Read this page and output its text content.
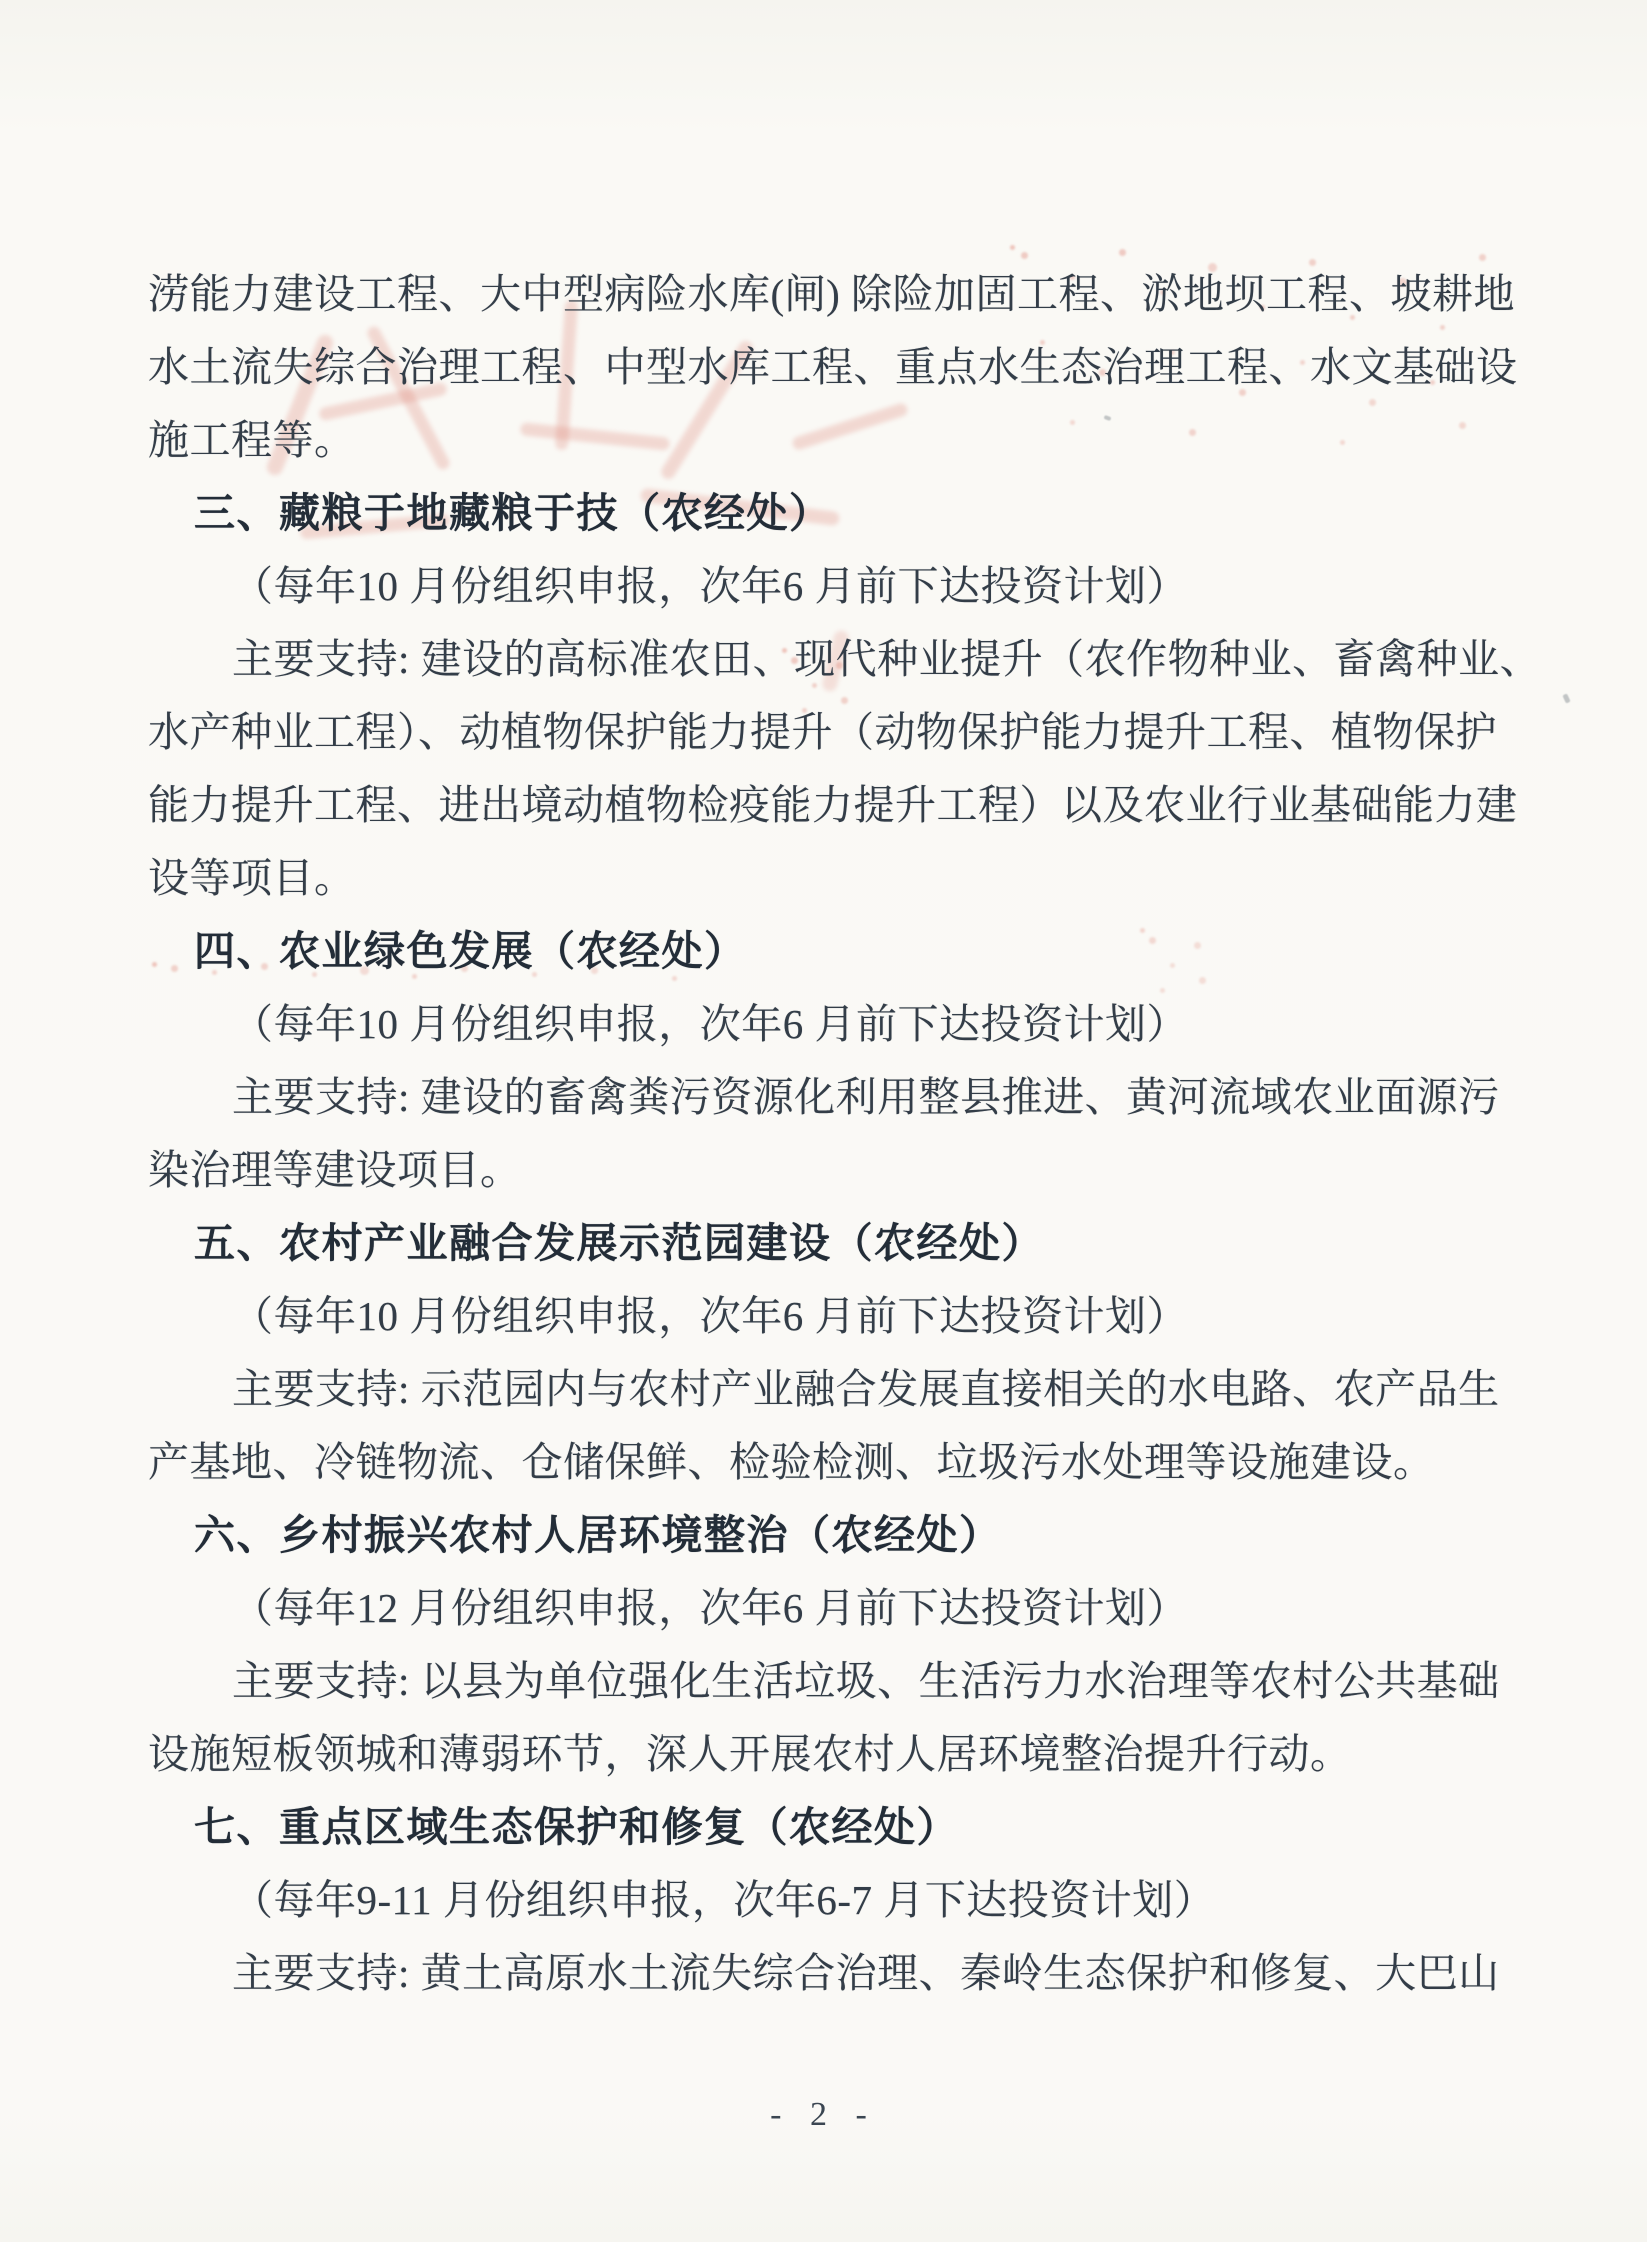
涝能力建设工程、大中型病险水库(闸) 除险加固工程、淤地坝工程、坡耕地
水土流失综合治理工程、中型水库工程、重点水生态治理工程、水文基础设
施工程等。
三、藏粮于地藏粮于技（农经处）
（每年10 月份组织申报，次年6 月前下达投资计划）
主要支持: 建设的高标准农田、现代种业提升（农作物种业、畜禽种业、
水产种业工程）、动植物保护能力提升（动物保护能力提升工程、植物保护
能力提升工程、进出境动植物检疫能力提升工程）以及农业行业基础能力建
设等项目。
四、农业绿色发展（农经处）
（每年10 月份组织申报，次年6 月前下达投资计划）
主要支持: 建设的畜禽粪污资源化利用整县推进、黄河流域农业面源污
染治理等建设项目。
五、农村产业融合发展示范园建设（农经处）
（每年10 月份组织申报，次年6 月前下达投资计划）
主要支持: 示范园内与农村产业融合发展直接相关的水电路、农产品生
产基地、冷链物流、仓储保鲜、检验检测、垃圾污水处理等设施建设。
六、乡村振兴农村人居环境整治（农经处）
（每年12 月份组织申报，次年6 月前下达投资计划）
主要支持: 以县为单位强化生活垃圾、生活污力水治理等农村公共基础
设施短板领城和薄弱环节，深人开展农村人居环境整治提升行动。
七、重点区域生态保护和修复（农经处）
（每年9-11 月份组织申报，次年6-7 月下达投资计划）
主要支持: 黄土高原水土流失综合治理、秦岭生态保护和修复、大巴山
- 2 -
